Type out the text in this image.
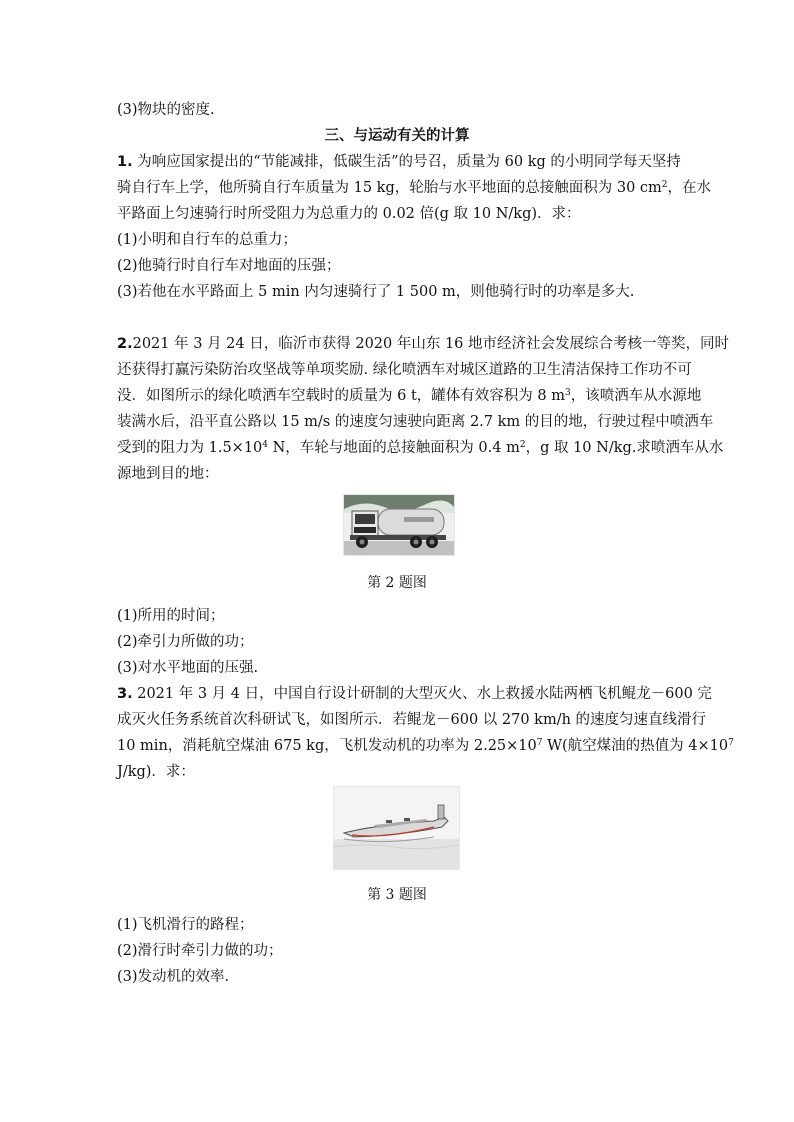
(3)物块的密度.
三、与运动有关的计算
1. 为响应国家提出的“节能减排，低碳生活”的号召，质量为 60 kg 的小明同学每天坚持
骑自行车上学，他所骑自行车质量为 15 kg，轮胎与水平地面的总接触面积为 30 $cm^2$，在水
平路面上匀速骑行时所受阻力为总重力的 0.02 倍(g 取 10 N/kg)．求：
(1)小明和自行车的总重力；
(2)他骑行时自行车对地面的压强；
(3)若他在水平路面上 5 min 内匀速骑行了 1 500 m，则他骑行时的功率是多大.
2.2021 年 3 月 24 日，临沂市获得 2020 年山东 16 地市经济社会发展综合考核一等奖，同时
还获得打赢污染防治攻坚战等单项奖励. 绿化喷洒车对城区道路的卫生清洁保持工作功不可
没．如图所示的绿化喷洒车空载时的质量为 6 t，罐体有效容积为 8 $m^3$，该喷洒车从水源地
装满水后，沿平直公路以 15 m/s 的速度匀速驶向距离 2.7 km 的目的地，行驶过程中喷洒车
受到的阻力为 $1.5\times 10^4$ N，车轮与地面的总接触面积为 0.4 $m^2$，g 取 10 N/kg.求喷洒车从水
源地到目的地：
第 2 题图
(1)所用的时间；
(2)牵引力所做的功；
(3)对水平地面的压强.
3. 2021 年 3 月 4 日，中国自行设计研制的大型灭火、水上救援水陆两栖飞机鲲龙－600 完
成灭火任务系统首次科研试飞，如图所示．若鲲龙－600 以 270 km/h 的速度匀速直线滑行
10 min，消耗航空煤油 675 kg，飞机发动机的功率为 $2.25\times 10^7$ W(航空煤油的热值为 $4\times 10^7$
J/kg)．求：
第 3 题图
(1)飞机滑行的路程；
(2)滑行时牵引力做的功；
(3)发动机的效率.
